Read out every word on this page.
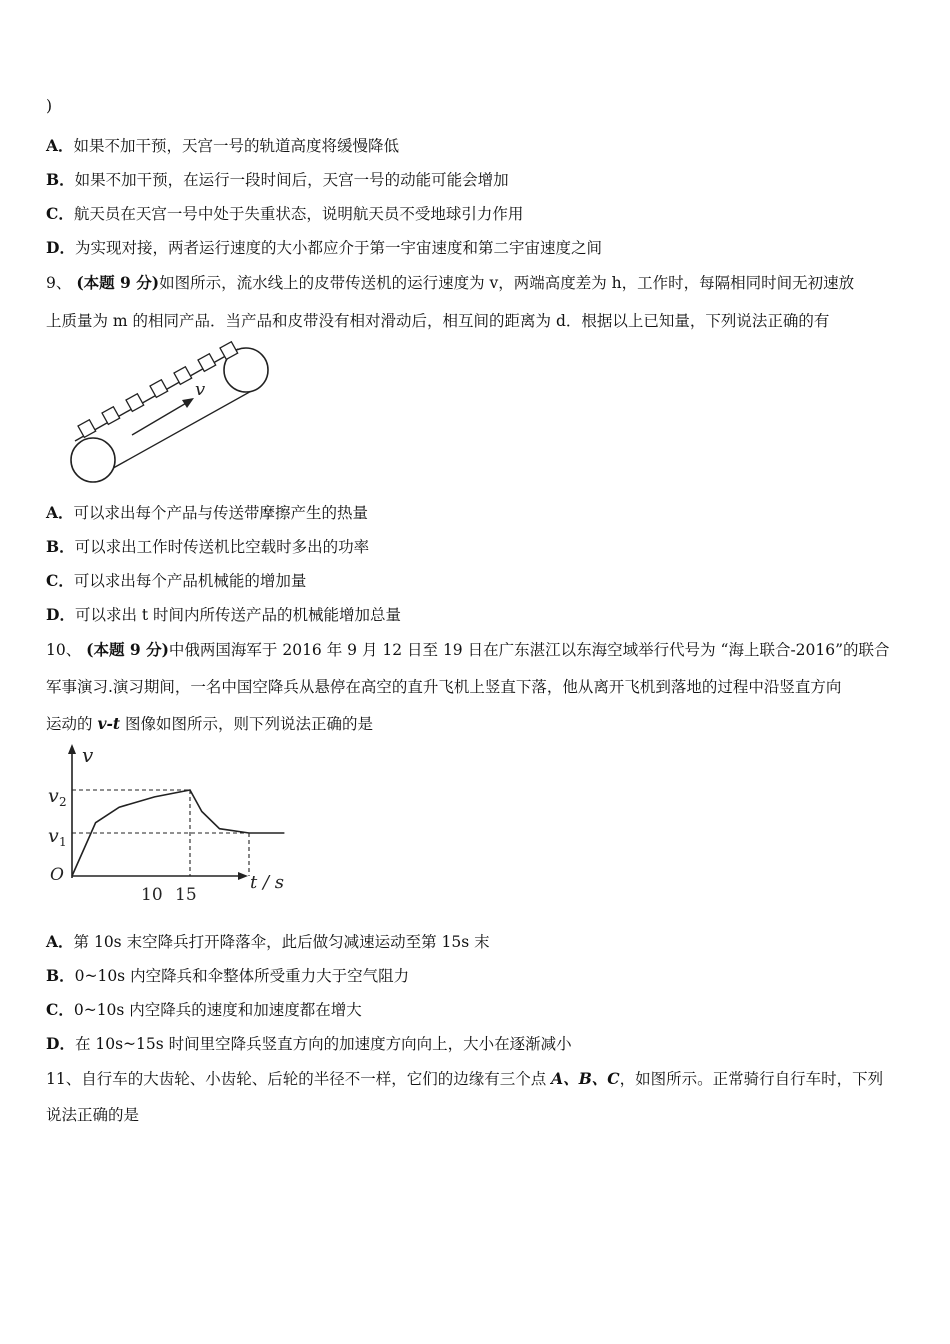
)
A．如果不加干预，天宫一号的轨道高度将缓慢降低
B．如果不加干预，在运行一段时间后，天宫一号的动能可能会增加
C．航天员在天宫一号中处于失重状态，说明航天员不受地球引力作用
D．为实现对接，两者运行速度的大小都应介于第一宇宙速度和第二宇宙速度之间
9、 (本题 9 分)如图所示，流水线上的皮带传送机的运行速度为 v，两端高度差为 h，工作时，每隔相同时间无初速放
上质量为 m 的相同产品．当产品和皮带没有相对滑动后，相互间的距离为 d．根据以上已知量，下列说法正确的有
v
A．可以求出每个产品与传送带摩擦产生的热量
B．可以求出工作时传送机比空载时多出的功率
C．可以求出每个产品机械能的增加量
D．可以求出 t 时间内所传送产品的机械能增加总量
10、 (本题 9 分)中俄两国海军于 2016 年 9 月 12 日至 19 日在广东湛江以东海空域举行代号为 “海上联合-2016”的联合
军事演习.演习期间，一名中国空降兵从悬停在高空的直升飞机上竖直下落，他从离开飞机到落地的过程中沿竖直方向
运动的 v-t 图像如图所示，则下列说法正确的是
v
O
v 2
v 1
10 15
t / s
A．第 10s 末空降兵打开降落伞，此后做匀减速运动至第 15s 末
B．0~10s 内空降兵和伞整体所受重力大于空气阻力
C．0~10s 内空降兵的速度和加速度都在增大
D．在 10s~15s 时间里空降兵竖直方向的加速度方向向上，大小在逐渐减小
11、自行车的大齿轮、小齿轮、后轮的半径不一样，它们的边缘有三个点 A、B、C，如图所示。正常骑行自行车时，下列
说法正确的是
